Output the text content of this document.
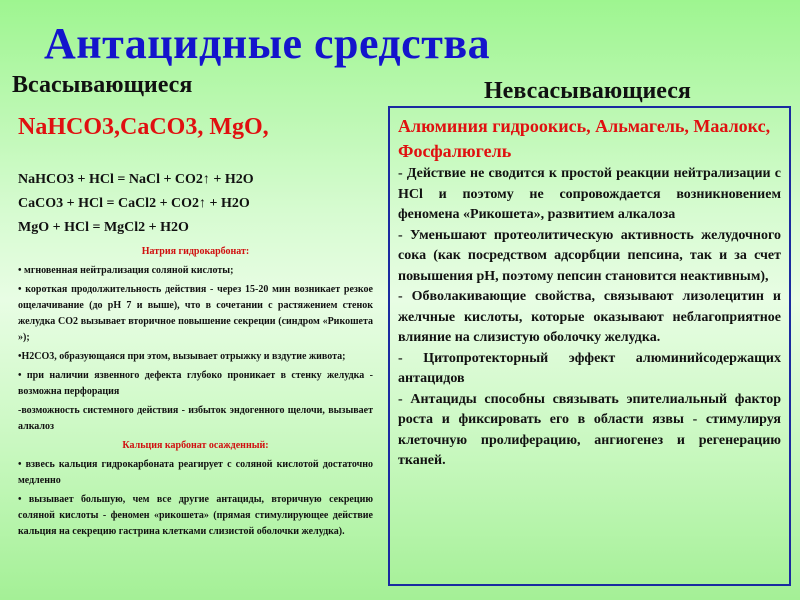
Антацидные средства
Всасывающиеся	Невсасывающиеся
NaHCO3,CaCO3, MgO,
NaHCO3 + HCl = NaCl + CO2↑ + H2O
CaCO3 + HCl = CaCl2 + CO2↑ + H2O
MgO + HCl = MgCl2 + H2O

Натрия гидрокарбонат:

• мгновенная нейтрализация соляной кислоты;

• короткая продолжительность действия - через 15-20 мин возникает резкое ощелачивание (до pH 7 и выше), что в сочетании с растяжением стенок желудка СО2 вызывает вторичное повышение секреции (синдром «Рикошета »);

•H2CO3, образующаяся при этом, вызывает отрыжку и вздутие живота;

• при наличии язвенного дефекта глубоко проникает в стенку желудка - возможна перфорация

-возможность системного действия - избыток эндогенного щелочи, вызывает алкалоз

Кальция карбонат осажденный:

• взвесь кальция гидрокарбоната реагирует с соляной кислотой достаточно медленно

• вызывает большую, чем все другие антациды, вторичную секрецию соляной кислоты - феномен «рикошета» (прямая стимулирующее действие кальция на секрецию гастрина клетками слизистой оболочки желудка).

Алюминия гидроокись, Альмагель, Маалокс, Фосфалюгель

- Действие не сводится к простой реакции нейтрализации с HCl и поэтому не сопровождается возникновением феномена «Рикошета», развитием алкалоза

- Уменьшают протеолитическую активность желудочного сока (как посредством адсорбции пепсина, так и за счет повышения pH, поэтому пепсин становится неактивным),

- Обволакивающие свойства, связывают лизолецитин и желчные кислоты, которые оказывают неблагоприятное влияние на слизистую оболочку желудка.

- Цитопротекторный эффект алюминийсодержащих антацидов

- Антациды способны связывать эпителиальный фактор роста и фиксировать его в области язвы - стимулируя клеточную пролиферацию, ангиогенез и регенерацию тканей.
